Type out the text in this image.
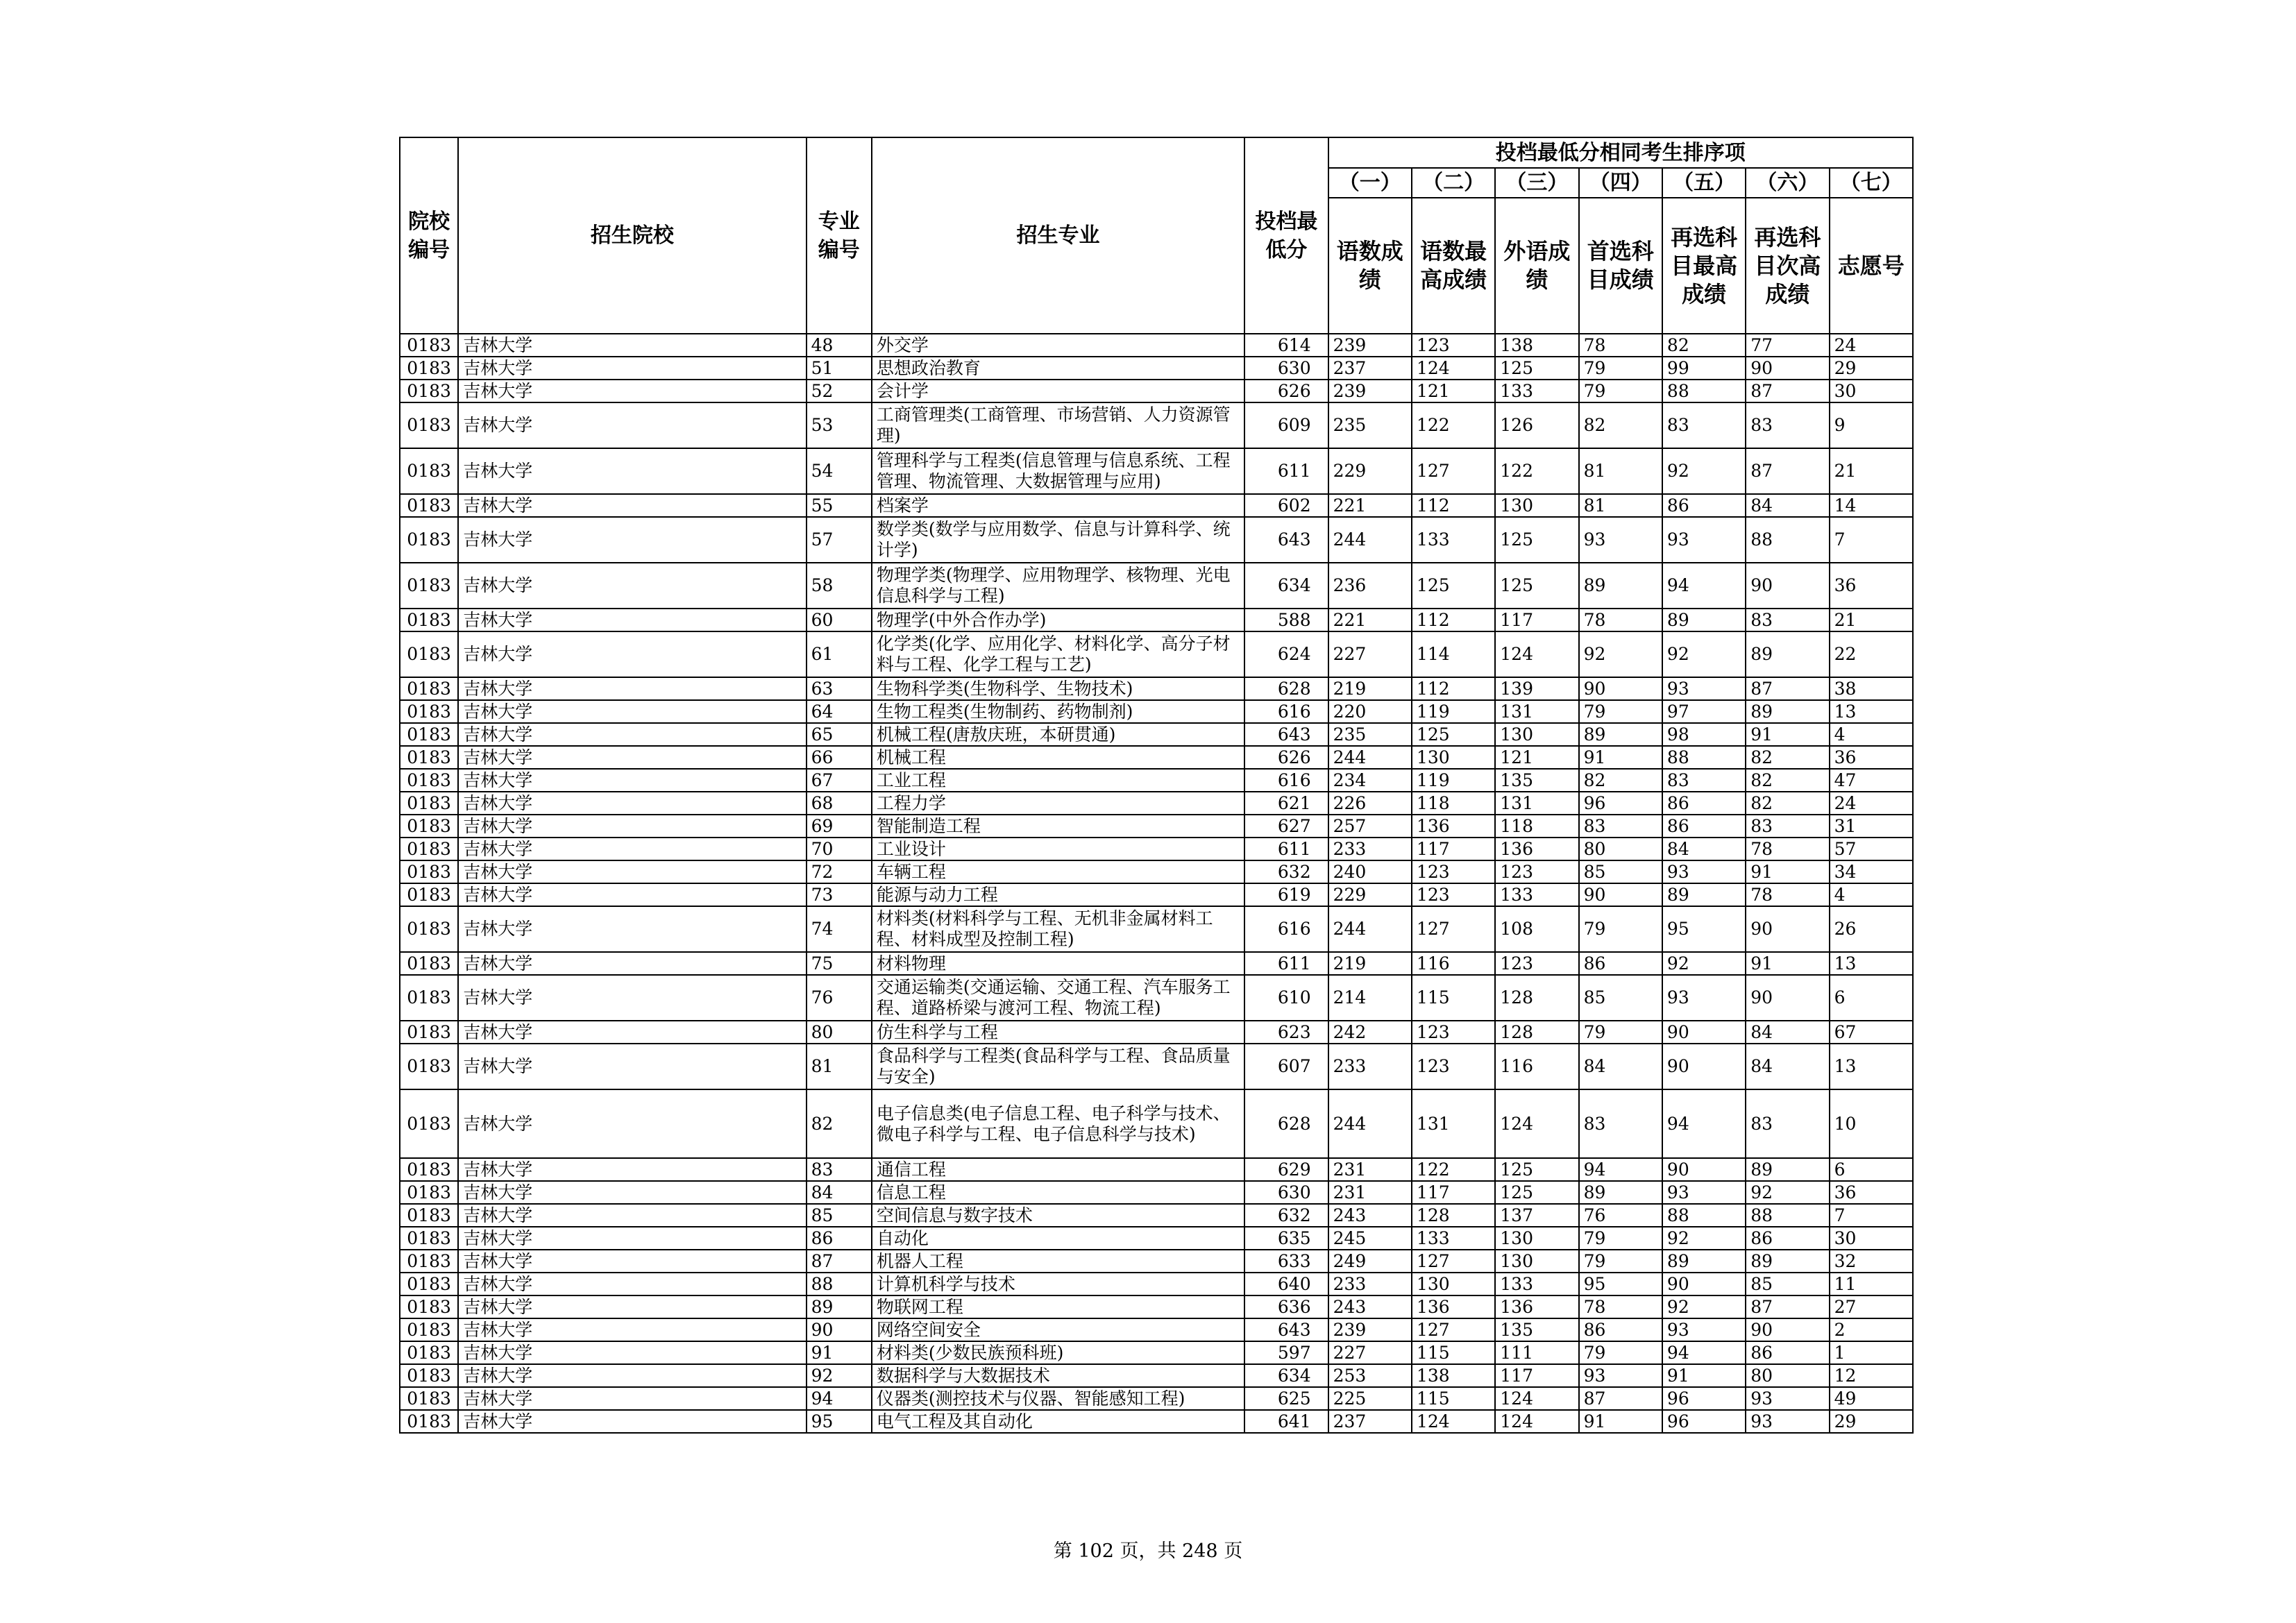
院校编号	招生院校	专业编号	招生专业	投档最低分	投档最低分相同考生排序项						
					（一）	（二）	（三）	（四）	（五）	（六）	（七）
					语数成绩	语数最高成绩	外语成绩	首选科目成绩	再选科目最高成绩	再选科目次高成绩	志愿号
0183	吉林大学	48	外交学	614	239	123	138	78	82	77	24
0183	吉林大学	51	思想政治教育	630	237	124	125	79	99	90	29
0183	吉林大学	52	会计学	626	239	121	133	79	88	87	30
0183	吉林大学	53	工商管理类(工商管理、市场营销、人力资源管理)	609	235	122	126	82	83	83	9
0183	吉林大学	54	管理科学与工程类(信息管理与信息系统、工程管理、物流管理、大数据管理与应用)	611	229	127	122	81	92	87	21
0183	吉林大学	55	档案学	602	221	112	130	81	86	84	14
0183	吉林大学	57	数学类(数学与应用数学、信息与计算科学、统计学)	643	244	133	125	93	93	88	7
0183	吉林大学	58	物理学类(物理学、应用物理学、核物理、光电信息科学与工程)	634	236	125	125	89	94	90	36
0183	吉林大学	60	物理学(中外合作办学)	588	221	112	117	78	89	83	21
0183	吉林大学	61	化学类(化学、应用化学、材料化学、高分子材料与工程、化学工程与工艺)	624	227	114	124	92	92	89	22
0183	吉林大学	63	生物科学类(生物科学、生物技术)	628	219	112	139	90	93	87	38
0183	吉林大学	64	生物工程类(生物制药、药物制剂)	616	220	119	131	79	97	89	13
0183	吉林大学	65	机械工程(唐敖庆班，本研贯通)	643	235	125	130	89	98	91	4
0183	吉林大学	66	机械工程	626	244	130	121	91	88	82	36
0183	吉林大学	67	工业工程	616	234	119	135	82	83	82	47
0183	吉林大学	68	工程力学	621	226	118	131	96	86	82	24
0183	吉林大学	69	智能制造工程	627	257	136	118	83	86	83	31
0183	吉林大学	70	工业设计	611	233	117	136	80	84	78	57
0183	吉林大学	72	车辆工程	632	240	123	123	85	93	91	34
0183	吉林大学	73	能源与动力工程	619	229	123	133	90	89	78	4
0183	吉林大学	74	材料类(材料科学与工程、无机非金属材料工程、材料成型及控制工程)	616	244	127	108	79	95	90	26
0183	吉林大学	75	材料物理	611	219	116	123	86	92	91	13
0183	吉林大学	76	交通运输类(交通运输、交通工程、汽车服务工程、道路桥梁与渡河工程、物流工程)	610	214	115	128	85	93	90	6
0183	吉林大学	80	仿生科学与工程	623	242	123	128	79	90	84	67
0183	吉林大学	81	食品科学与工程类(食品科学与工程、食品质量与安全)	607	233	123	116	84	90	84	13
0183	吉林大学	82	电子信息类(电子信息工程、电子科学与技术、微电子科学与工程、电子信息科学与技术)	628	244	131	124	83	94	83	10
0183	吉林大学	83	通信工程	629	231	122	125	94	90	89	6
0183	吉林大学	84	信息工程	630	231	117	125	89	93	92	36
0183	吉林大学	85	空间信息与数字技术	632	243	128	137	76	88	88	7
0183	吉林大学	86	自动化	635	245	133	130	79	92	86	30
0183	吉林大学	87	机器人工程	633	249	127	130	79	89	89	32
0183	吉林大学	88	计算机科学与技术	640	233	130	133	95	90	85	11
0183	吉林大学	89	物联网工程	636	243	136	136	78	92	87	27
0183	吉林大学	90	网络空间安全	643	239	127	135	86	93	90	2
0183	吉林大学	91	材料类(少数民族预科班)	597	227	115	111	79	94	86	1
0183	吉林大学	92	数据科学与大数据技术	634	253	138	117	93	91	80	12
0183	吉林大学	94	仪器类(测控技术与仪器、智能感知工程)	625	225	115	124	87	96	93	49
0183	吉林大学	95	电气工程及其自动化	641	237	124	124	91	96	93	29
第 102 页，共 248 页
